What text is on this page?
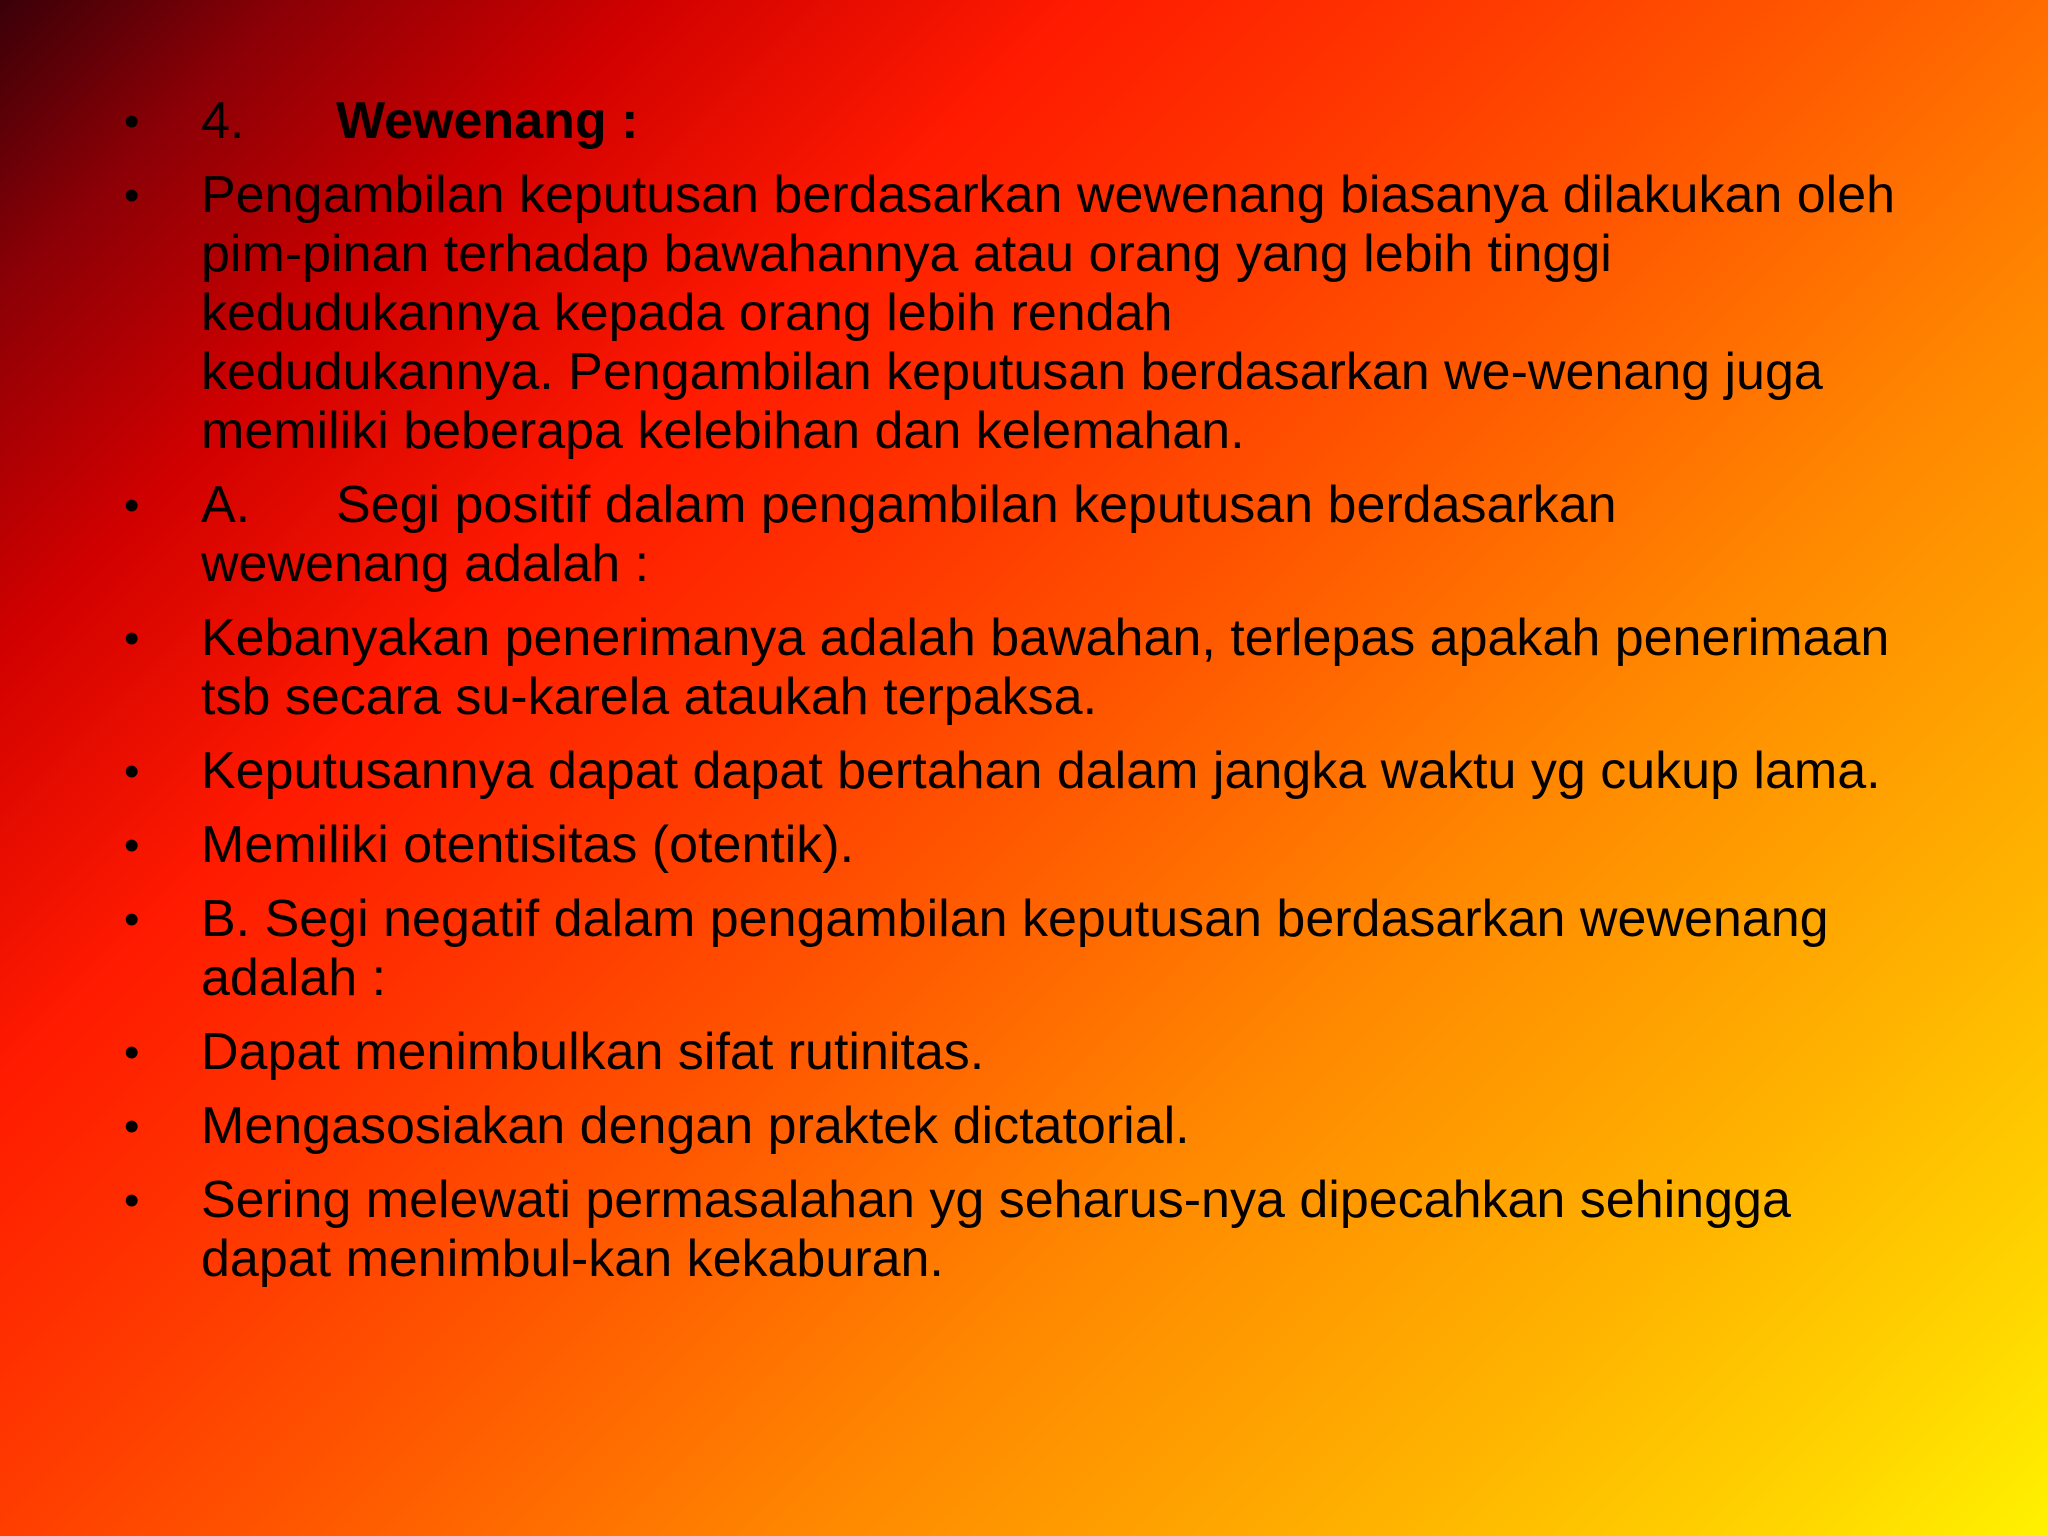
•	4. Wewenang :
•	Pengambilan keputusan berdasarkan wewenang biasanya dilakukan oleh pim-pinan terhadap bawahannya atau orang yang lebih tinggi kedudukannya kepada orang lebih rendah
kedudukannya. Pengambilan keputusan berdasarkan we-wenang juga memiliki beberapa kelebihan dan kelemahan.
•	A. Segi positif dalam pengambilan keputusan berdasarkan
wewenang adalah :
•	Kebanyakan penerimanya adalah bawahan, terlepas apakah penerimaan tsb secara su-karela ataukah terpaksa.
•	Keputusannya dapat dapat bertahan dalam jangka waktu yg cukup lama.
•	Memiliki otentisitas (otentik).
•	B. Segi negatif dalam pengambilan keputusan berdasarkan wewenang adalah :
•	Dapat menimbulkan sifat rutinitas.
•	Mengasosiakan dengan praktek dictatorial.
•	Sering melewati permasalahan yg seharus-nya dipecahkan sehingga dapat menimbul-kan kekaburan.
